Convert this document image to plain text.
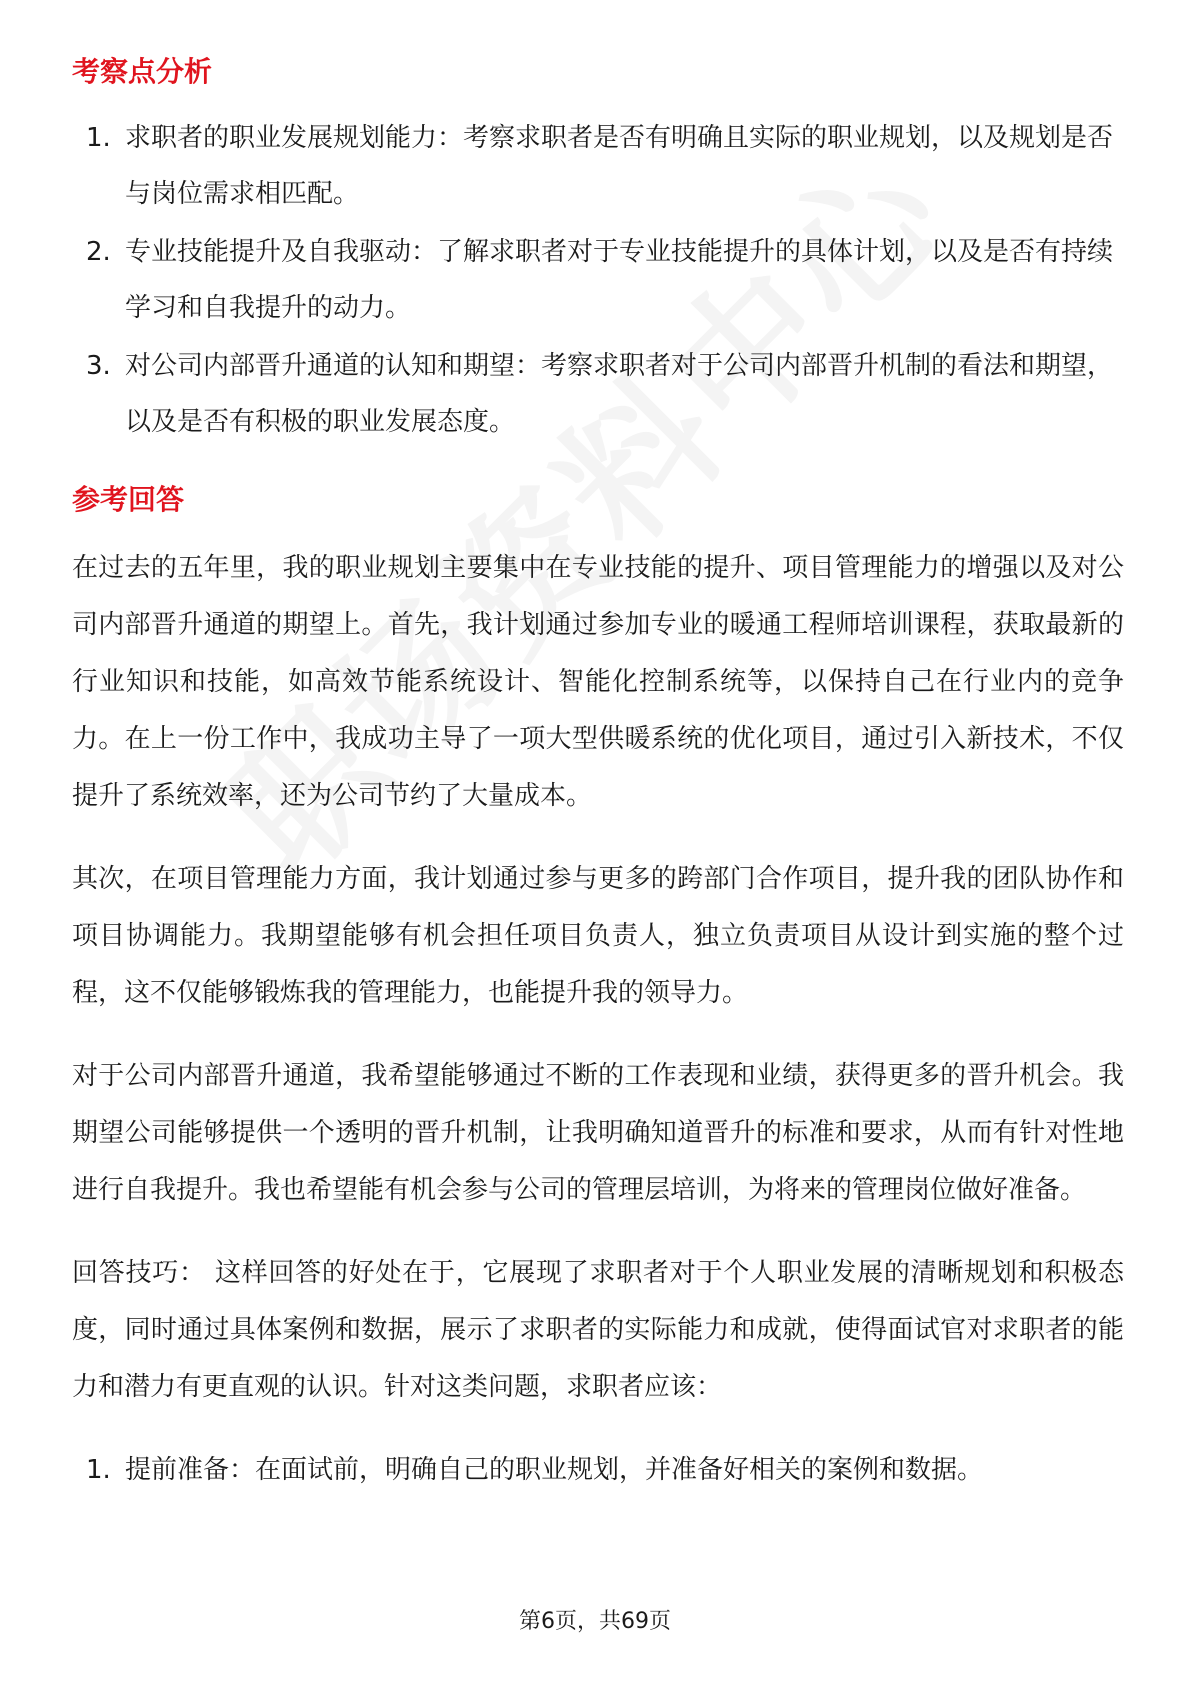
考察点分析
1. 求职者的职业发展规划能力：考察求职者是否有明确且实际的职业规划，以及规划是否与岗位需求相匹配。
2. 专业技能提升及自我驱动：了解求职者对于专业技能提升的具体计划，以及是否有持续学习和自我提升的动力。
3. 对公司内部晋升通道的认知和期望：考察求职者对于公司内部晋升机制的看法和期望，以及是否有积极的职业发展态度。
参考回答

在过去的五年里，我的职业规划主要集中在专业技能的提升、项目管理能力的增强以及对公司内部晋升通道的期望上。首先，我计划通过参加专业的暖通工程师培训课程，获取最新的行业知识和技能，如高效节能系统设计、智能化控制系统等，以保持自己在行业内的竞争力。在上一份工作中，我成功主导了一项大型供暖系统的优化项目，通过引入新技术，不仅提升了系统效率，还为公司节约了大量成本。

其次，在项目管理能力方面，我计划通过参与更多的跨部门合作项目，提升我的团队协作和项目协调能力。我期望能够有机会担任项目负责人，独立负责项目从设计到实施的整个过程，这不仅能够锻炼我的管理能力，也能提升我的领导力。

对于公司内部晋升通道，我希望能够通过不断的工作表现和业绩，获得更多的晋升机会。我期望公司能够提供一个透明的晋升机制，让我明确知道晋升的标准和要求，从而有针对性地进行自我提升。我也希望能有机会参与公司的管理层培训，为将来的管理岗位做好准备。

回答技巧： 这样回答的好处在于，它展现了求职者对于个人职业发展的清晰规划和积极态度，同时通过具体案例和数据，展示了求职者的实际能力和成就，使得面试官对求职者的能力和潜力有更直观的认识。针对这类问题，求职者应该：

1. 提前准备：在面试前，明确自己的职业规划，并准备好相关的案例和数据。
第6页，共69页
